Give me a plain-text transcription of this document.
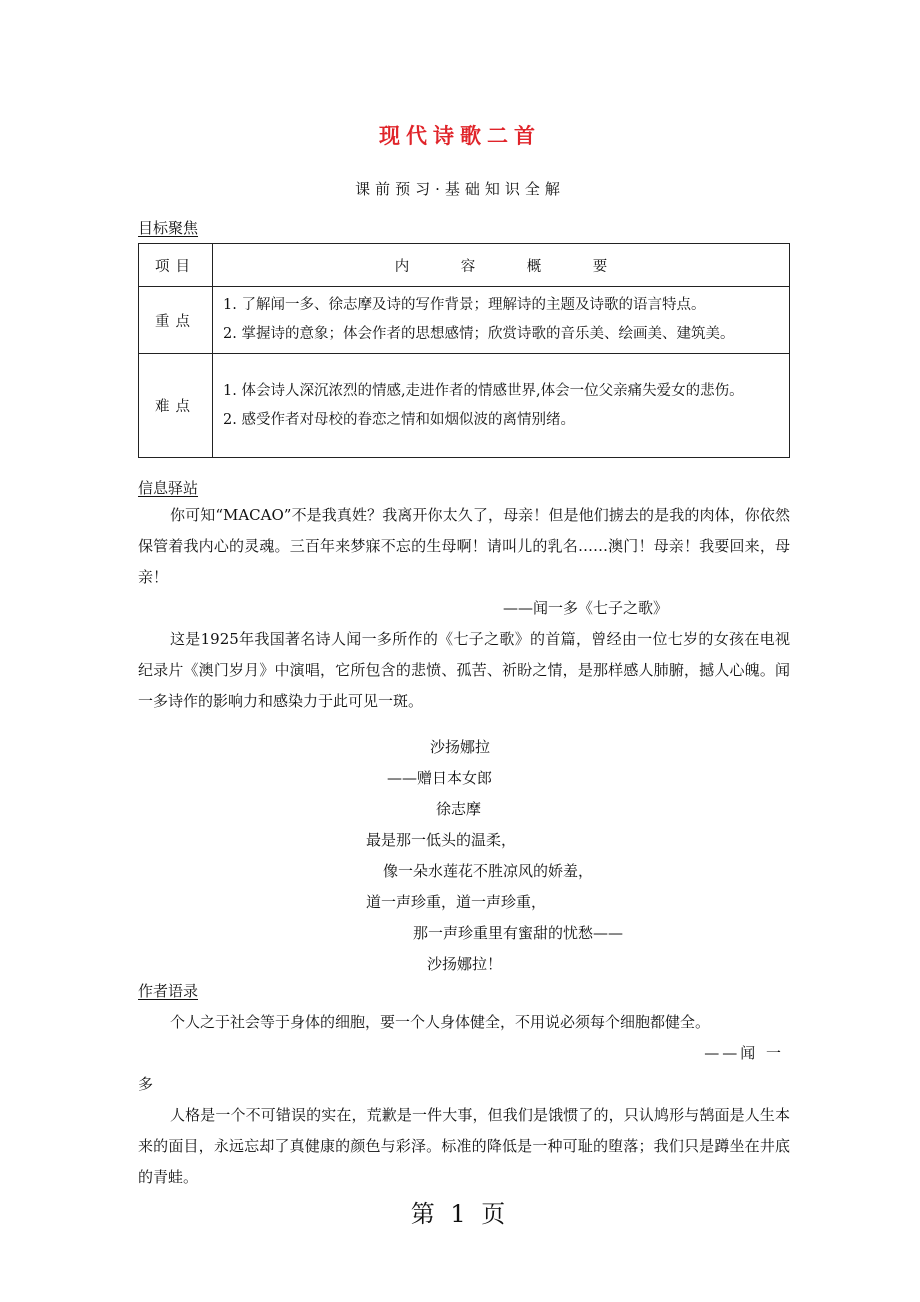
现代诗歌二首
课前预习·基础知识全解
目标聚焦
项目	内 容 概 要
重点	1. 了解闻一多、徐志摩及诗的写作背景；理解诗的主题及诗歌的语言特点。
2. 掌握诗的意象；体会作者的思想感情；欣赏诗歌的音乐美、绘画美、建筑美。

难点	1. 体会诗人深沉浓烈的情感,走进作者的情感世界,体会一位父亲痛失爱女的悲伤。
2. 感受作者对母校的眷恋之情和如烟似波的离情别绪。
信息驿站
你可知“MACAO”不是我真姓？我离开你太久了，母亲！但是他们掳去的是我的肉体，你依然保管着我内心的灵魂。三百年来梦寐不忘的生母啊！请叫儿的乳名……澳门！母亲！我要回来，母亲！
——闻一多《七子之歌》
这是1925年我国著名诗人闻一多所作的《七子之歌》的首篇，曾经由一位七岁的女孩在电视纪录片《澳门岁月》中演唱，它所包含的悲愤、孤苦、祈盼之情，是那样感人肺腑，撼人心魄。闻一多诗作的影响力和感染力于此可见一斑。
沙扬娜拉
——赠日本女郎
徐志摩
最是那一低头的温柔，
像一朵水莲花不胜凉风的娇羞，
道一声珍重，道一声珍重，
那一声珍重里有蜜甜的忧愁——
沙扬娜拉！
作者语录
个人之于社会等于身体的细胞，要一个人身体健全，不用说必须每个细胞都健全。
——闻 一
多
人格是一个不可错误的实在，荒歉是一件大事，但我们是饿惯了的，只认鸠形与鹄面是人生本来的面目，永远忘却了真健康的颜色与彩泽。标准的降低是一种可耻的堕落；我们只是蹲坐在井底的青蛙。
第 1 页
